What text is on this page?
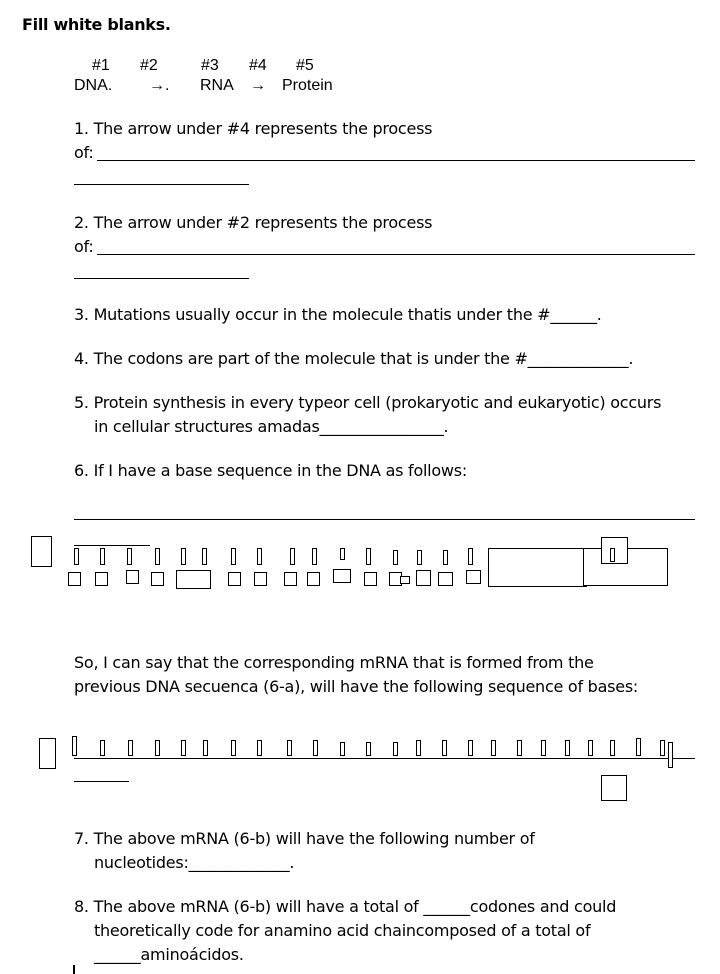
Fill white blanks.
#1 #2	#3 #4 #5
DNA. →. RNA → Protein
1. The arrow under #4 represents the process
of:
2. The arrow under #2 represents the process
of:
3. Mutations usually occur in the molecule thatis under the #______.
4. The codons are part of the molecule that is under the #_____________.
5. Protein synthesis in every typeor cell (prokaryotic and eukaryotic) occurs
in cellular structures amadas________________.
6. If I have a base sequence in the DNA as follows:
So, I can say that the corresponding mRNA that is formed from the
previous DNA secuenca (6-a), will have the following sequence of bases:
7. The above mRNA (6-b) will have the following number of
nucleotides:_____________.
8. The above mRNA (6-b) will have a total of ______codones and could
theoretically code for anamino acid chaincomposed of a total of
______aminoácidos.
